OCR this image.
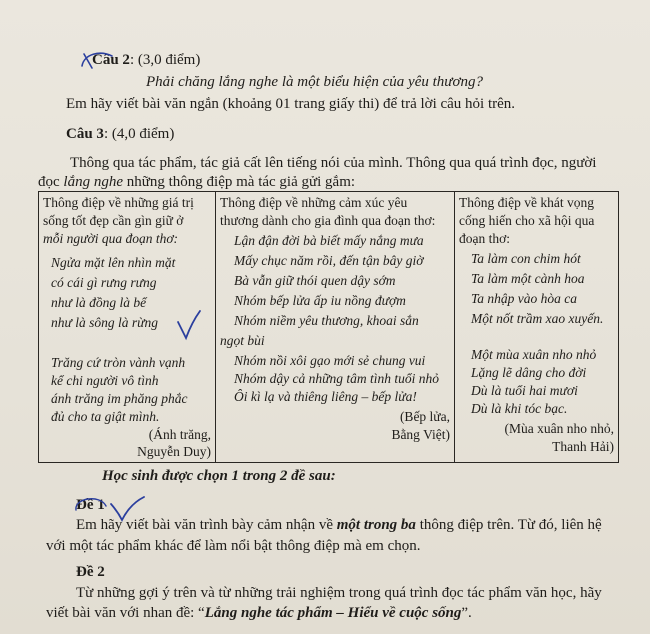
Câu 2: (3,0 điểm)
Phải chăng lắng nghe là một biểu hiện của yêu thương?
Em hãy viết bài văn ngắn (khoảng 01 trang giấy thi) để trả lời câu hỏi trên.
Câu 3: (4,0 điểm)
Thông qua tác phẩm, tác giả cất lên tiếng nói của mình. Thông qua quá trình đọc, người
đọc lắng nghe những thông điệp mà tác giả gửi gắm:
Thông điệp về những giá trị
sống tốt đẹp cần gìn giữ ở
mỗi người qua đoạn thơ:
Ngửa mặt lên nhìn mặt
có cái gì rưng rưng
như là đồng là bể
như là sông là rừng
Trăng cứ tròn vành vạnh
kể chi người vô tình
ánh trăng im phăng phắc
đủ cho ta giật mình.
(Ánh trăng,
Nguyễn Duy)

Thông điệp về những cảm xúc yêu
thương dành cho gia đình qua đoạn thơ:
Lận đận đời bà biết mấy nắng mưa
Mấy chục năm rồi, đến tận bây giờ
Bà vẫn giữ thói quen dậy sớm
Nhóm bếp lửa ấp iu nồng đượm
Nhóm niềm yêu thương, khoai sắn
ngọt bùi
Nhóm nồi xôi gạo mới sẻ chung vui
Nhóm dậy cả những tâm tình tuổi nhỏ
Ôi kì lạ và thiêng liêng – bếp lửa!
(Bếp lửa,
Bằng Việt)

Thông điệp về khát vọng
cống hiến cho xã hội qua
đoạn thơ:
Ta làm con chim hót
Ta làm một cành hoa
Ta nhập vào hòa ca
Một nốt trầm xao xuyến.
Một mùa xuân nho nhỏ
Lặng lẽ dâng cho đời
Dù là tuổi hai mươi
Dù là khi tóc bạc.
(Mùa xuân nho nhỏ,
Thanh Hải)
Học sinh được chọn 1 trong 2 đề sau:
Đề 1
Em hãy viết bài văn trình bày cảm nhận về một trong ba thông điệp trên. Từ đó, liên hệ
với một tác phẩm khác để làm nổi bật thông điệp mà em chọn.
Đề 2
Từ những gợi ý trên và từ những trải nghiệm trong quá trình đọc tác phẩm văn học, hãy
viết bài văn với nhan đề: “Lắng nghe tác phẩm – Hiểu về cuộc sống”.
